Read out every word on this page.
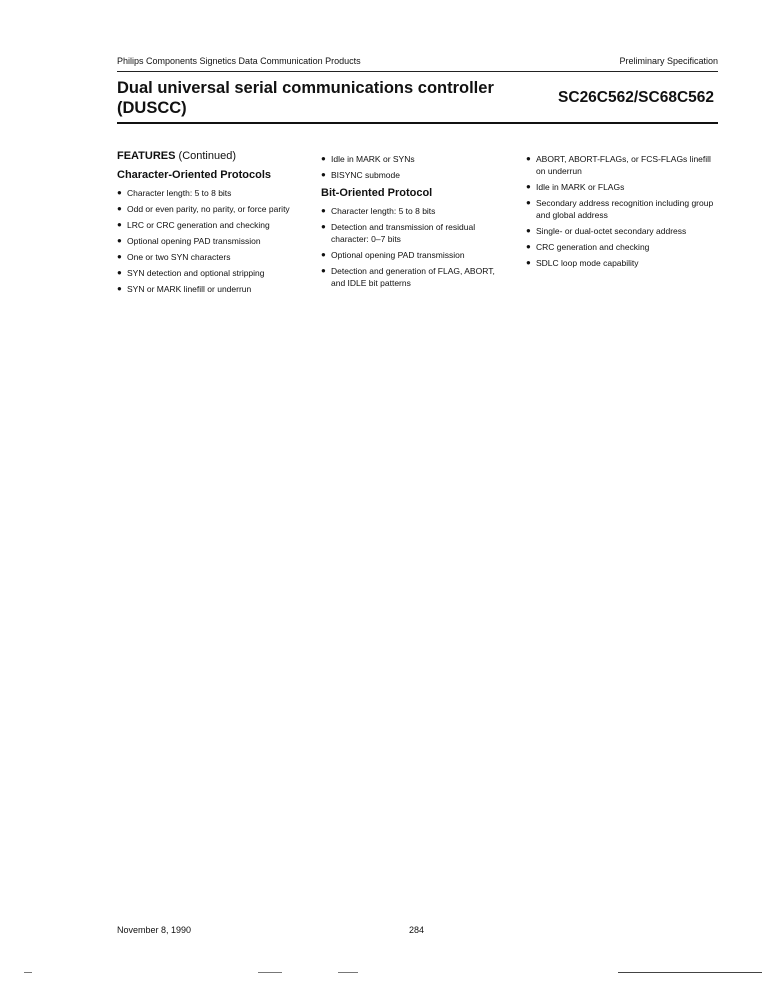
Philips Components Signetics Data Communication Products	Preliminary Specification
Dual universal serial communications controller
(DUSCC)
SC26C562/SC68C562
FEATURES (Continued)
Character-Oriented Protocols
● Character length: 5 to 8 bits
● Odd or even parity, no parity, or force parity
● LRC or CRC generation and checking
● Optional opening PAD transmission
● One or two SYN characters
● SYN detection and optional stripping
● SYN or MARK linefill or underrun
● Idle in MARK or SYNs
● BISYNC submode
Bit-Oriented Protocol
● Character length: 5 to 8 bits
● Detection and transmission of residual character: 0–7 bits
● Optional opening PAD transmission
● Detection and generation of FLAG, ABORT, and IDLE bit patterns
● ABORT, ABORT-FLAGs, or FCS-FLAGs linefill on underrun
● Idle in MARK or FLAGs
● Secondary address recognition including group and global address
● Single- or dual-octet secondary address
● CRC generation and checking
● SDLC loop mode capability
November 8, 1990	284
